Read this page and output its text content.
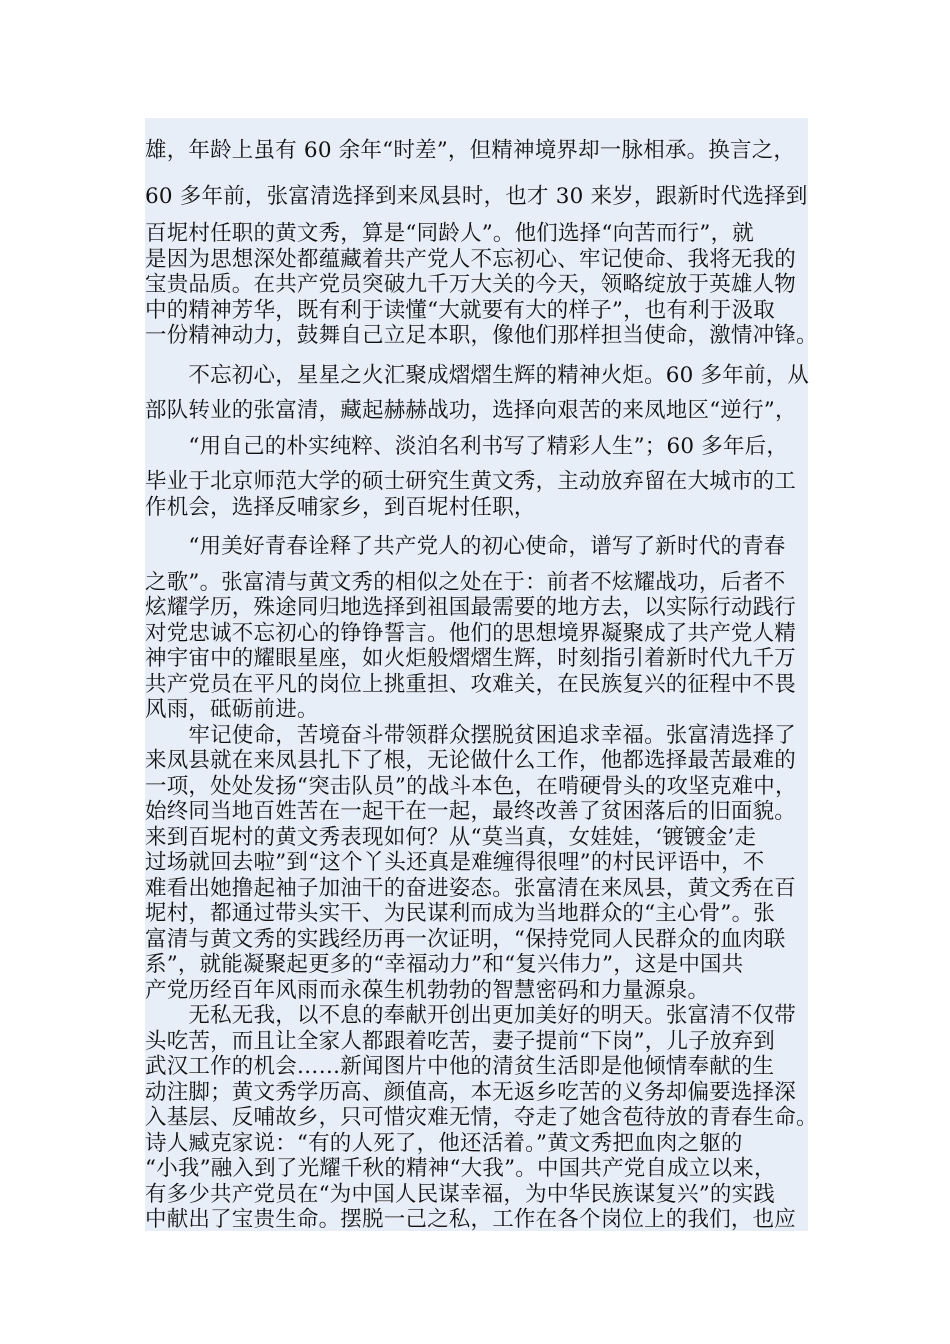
雄，年龄上虽有 60 余年“时差”，但精神境界却一脉相承。换言之，
60 多年前，张富清选择到来凤县时，也才 30 来岁，跟新时代选择到
百坭村任职的黄文秀，算是“同龄人”。他们选择“向苦而行”，就
是因为思想深处都蕴藏着共产党人不忘初心、牢记使命、我将无我的
宝贵品质。在共产党员突破九千万大关的今天，领略绽放于英雄人物
中的精神芳华，既有利于读懂“大就要有大的样子”，也有利于汲取
一份精神动力，鼓舞自己立足本职，像他们那样担当使命，激情冲锋。
　　不忘初心，星星之火汇聚成熠熠生辉的精神火炬。60 多年前，从
部队转业的张富清，藏起赫赫战功，选择向艰苦的来凤地区“逆行”，
　　“用自己的朴实纯粹、淡泊名利书写了精彩人生”；60 多年后，
毕业于北京师范大学的硕士研究生黄文秀，主动放弃留在大城市的工
作机会，选择反哺家乡，到百坭村任职，
　　“用美好青春诠释了共产党人的初心使命，谱写了新时代的青春
之歌”。张富清与黄文秀的相似之处在于：前者不炫耀战功，后者不
炫耀学历，殊途同归地选择到祖国最需要的地方去，以实际行动践行
对党忠诚不忘初心的铮铮誓言。他们的思想境界凝聚成了共产党人精
神宇宙中的耀眼星座，如火炬般熠熠生辉，时刻指引着新时代九千万
共产党员在平凡的岗位上挑重担、攻难关，在民族复兴的征程中不畏
风雨，砥砺前进。
　　牢记使命，苦境奋斗带领群众摆脱贫困追求幸福。张富清选择了
来凤县就在来凤县扎下了根，无论做什么工作，他都选择最苦最难的
一项，处处发扬“突击队员”的战斗本色，在啃硬骨头的攻坚克难中，
始终同当地百姓苦在一起干在一起，最终改善了贫困落后的旧面貌。
来到百坭村的黄文秀表现如何？从“莫当真，女娃娃，‘镀镀金’走
过场就回去啦”到“这个丫头还真是难缠得很哩”的村民评语中，不
难看出她撸起袖子加油干的奋进姿态。张富清在来凤县，黄文秀在百
坭村，都通过带头实干、为民谋利而成为当地群众的“主心骨”。张
富清与黄文秀的实践经历再一次证明，“保持党同人民群众的血肉联
系”，就能凝聚起更多的“幸福动力”和“复兴伟力”，这是中国共
产党历经百年风雨而永葆生机勃勃的智慧密码和力量源泉。
　　无私无我，以不息的奉献开创出更加美好的明天。张富清不仅带
头吃苦，而且让全家人都跟着吃苦，妻子提前“下岗”，儿子放弃到
武汉工作的机会……新闻图片中他的清贫生活即是他倾情奉献的生
动注脚；黄文秀学历高、颜值高，本无返乡吃苦的义务却偏要选择深
入基层、反哺故乡，只可惜灾难无情，夺走了她含苞待放的青春生命。
诗人臧克家说：“有的人死了，他还活着。”黄文秀把血肉之躯的
“小我”融入到了光耀千秋的精神“大我”。中国共产党自成立以来，
有多少共产党员在“为中国人民谋幸福，为中华民族谋复兴”的实践
中献出了宝贵生命。摆脱一己之私，工作在各个岗位上的我们，也应
